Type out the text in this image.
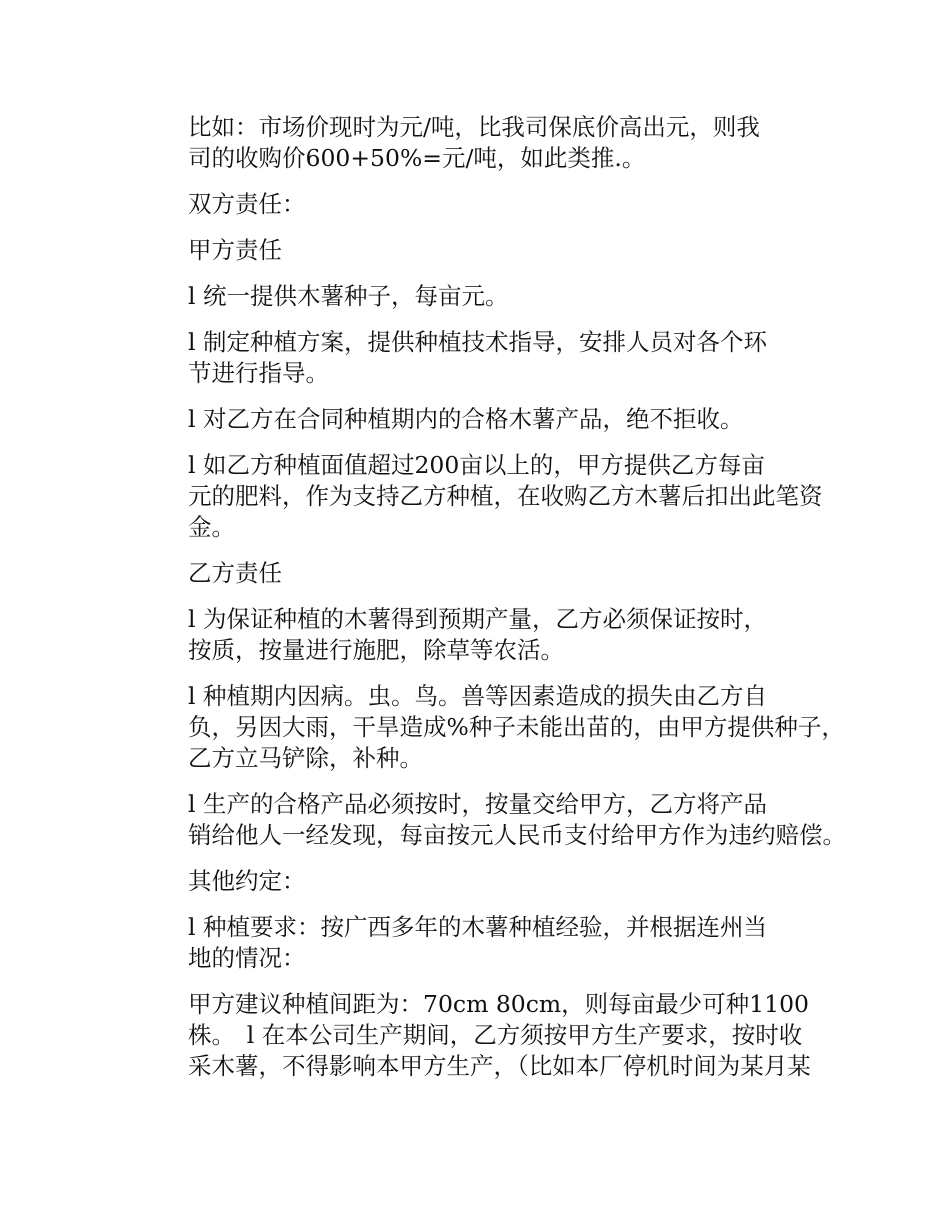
比如：市场价现时为元/吨，比我司保底价高出元，则我
司的收购价600+50%=元/吨，如此类推.。

双方责任：

甲方责任

l 统一提供木薯种子，每亩元。

l 制定种植方案，提供种植技术指导，安排人员对各个环
节进行指导。

l 对乙方在合同种植期内的合格木薯产品，绝不拒收。

l 如乙方种植面值超过200亩以上的，甲方提供乙方每亩
元的肥料，作为支持乙方种植，在收购乙方木薯后扣出此笔资
金。

乙方责任

l 为保证种植的木薯得到预期产量，乙方必须保证按时，
按质，按量进行施肥，除草等农活。

l 种植期内因病。虫。鸟。兽等因素造成的损失由乙方自
负，另因大雨，干旱造成%种子未能出苗的，由甲方提供种子，
乙方立马铲除，补种。

l 生产的合格产品必须按时，按量交给甲方，乙方将产品
销给他人一经发现，每亩按元人民币支付给甲方作为违约赔偿。

其他约定：

l 种植要求：按广西多年的木薯种植经验，并根据连州当
地的情况：

甲方建议种植间距为：70cm 80cm，则每亩最少可种1100
株。　l 在本公司生产期间，乙方须按甲方生产要求，按时收
采木薯，不得影响本甲方生产，（比如本厂停机时间为某月某
